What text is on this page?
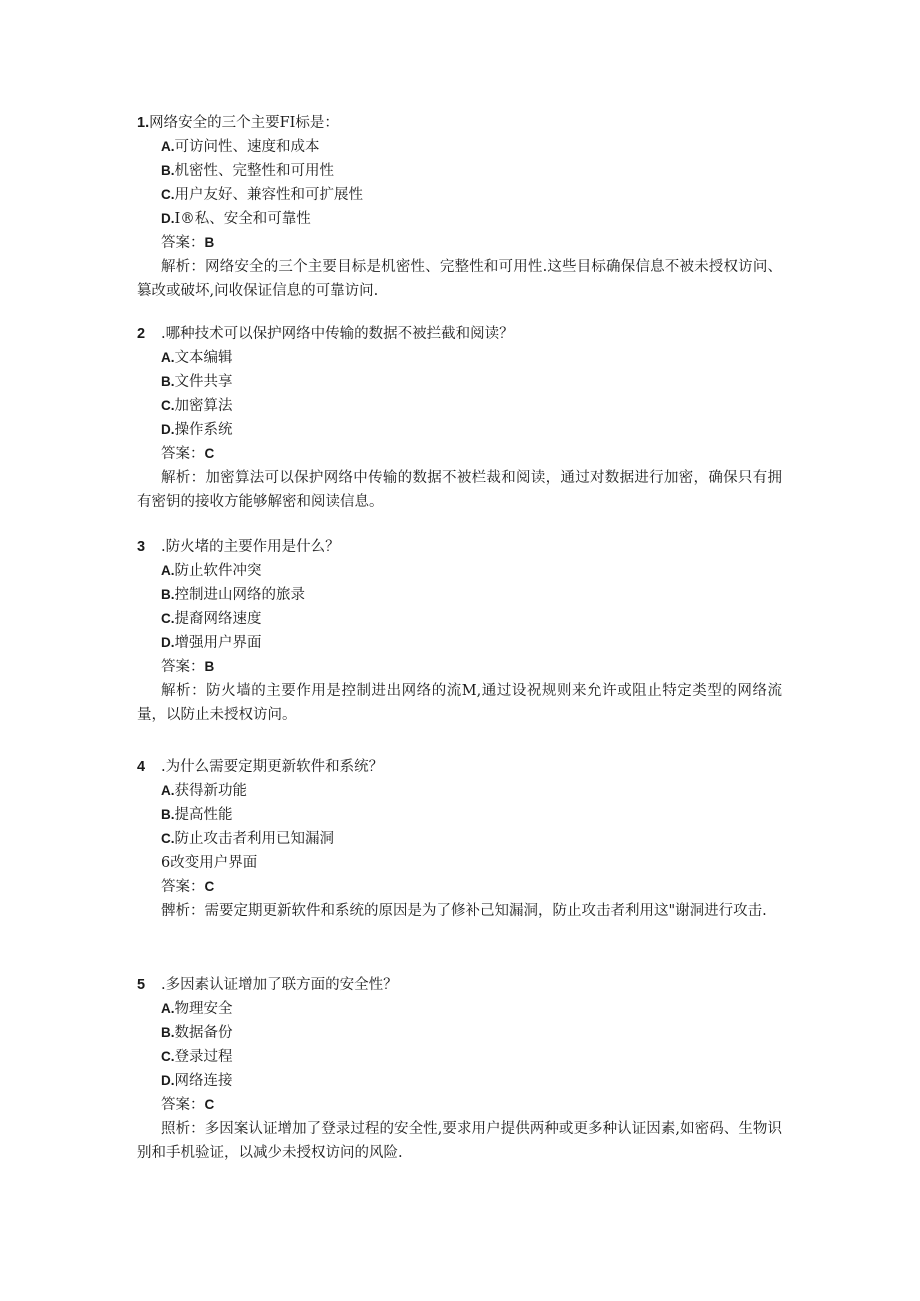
1.网络安全的三个主要FI标是：
A.可访问性、速度和成本
B.机密性、完整性和可用性
C.用户友好、兼容性和可扩展性
D.I®私、安全和可靠性
答案：B
解析：网络安全的三个主要目标是机密性、完整性和可用性.这些目标确保信息不被未授权访问、篡改或破坏,问收保证信息的可靠访问.
2 .哪种技术可以保护网络中传输的数据不被拦截和阅读？
A.文本编辑
B.文件共享
C.加密算法
D.操作系统
答案：C
解析：加密算法可以保护网络中传输的数据不被栏裁和阅读，通过对数据进行加密，确保只有拥有密钥的接收方能够解密和阅读信息。
3 .防火堵的主要作用是什么？
A.防止软件冲突
B.控制进山网络的旅录
C.提裔网络速度
D.增强用户界面
答案：B
解析：防火墙的主要作用是控制进出网络的流M,通过设祝规则来允许或阻止特定类型的网络流量，以防止未授权访问。
4 .为什么需要定期更新软件和系统？
A.获得新功能
B.提高性能
C.防止攻击者利用已知漏洞
6改变用户界面
答案：C
髀析：需要定期更新软件和系统的原因是为了修补己知漏洞，防止攻击者利用这"谢洞进行攻击.
5 .多因素认证增加了联方面的安全性？
A.物理安全
B.数据备份
C.登录过程
D.网络连接
答案：C
照析：多因案认证增加了登录过程的安全性,要求用户提供两种或更多种认证因素,如密码、生物识别和手机验证，以减少未授权访问的风险.
